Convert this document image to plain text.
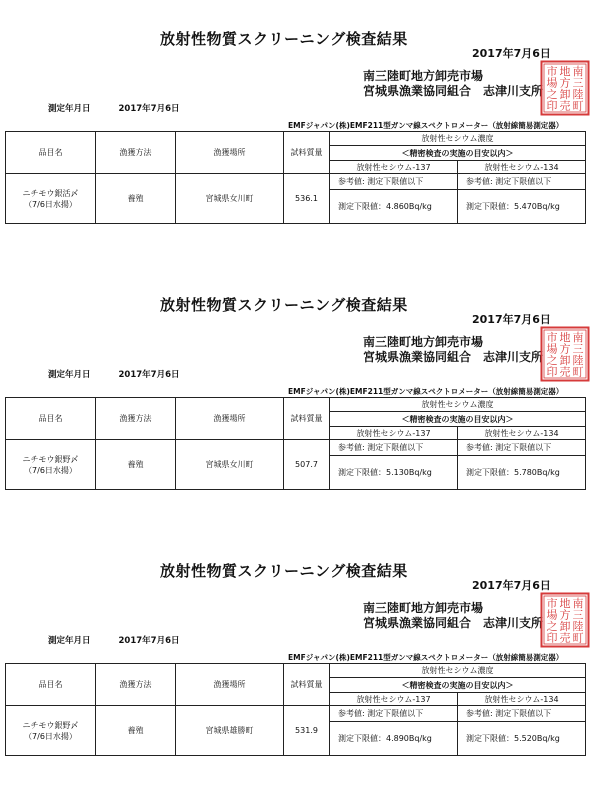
放射性物質スクリーニング検査結果
2017年7月6日
南三陸町地方卸売市場
宮城県漁業協同組合　志津川支所
南
三
陸
町
地
方
卸
売
市
場
之
印
測定年月日	2017年7月6日
EMFジャパン(株)EMF211型ガンマ線スペクトロメーター（放射線簡易測定器）
品目名	漁獲方法	漁獲場所	試料質量	放射性セシウム濃度	
				＜精密検査の実施の目安以内＞	
				放射性セシウム-137	放射性セシウム-134

ニチモウ銀活〆
（7/6日水揚）	養殖	宮城県女川町	536.1	参考値: 測定下限値以下	参考値: 測定下限値以下
				測定下限値：4.860Bq/kg	測定下限値：5.470Bq/kg
放射性物質スクリーニング検査結果
2017年7月6日
南三陸町地方卸売市場
宮城県漁業協同組合　志津川支所
南
三
陸
町
地
方
卸
売
市
場
之
印
測定年月日	2017年7月6日
EMFジャパン(株)EMF211型ガンマ線スペクトロメーター（放射線簡易測定器）
品目名	漁獲方法	漁獲場所	試料質量	放射性セシウム濃度	
				＜精密検査の実施の目安以内＞	
				放射性セシウム-137	放射性セシウム-134

ニチモウ銀野〆
（7/6日水揚）	養殖	宮城県女川町	507.7	参考値: 測定下限値以下	参考値: 測定下限値以下
				測定下限値：5.130Bq/kg	測定下限値：5.780Bq/kg
放射性物質スクリーニング検査結果
2017年7月6日
南三陸町地方卸売市場
宮城県漁業協同組合　志津川支所
南
三
陸
町
地
方
卸
売
市
場
之
印
測定年月日	2017年7月6日
EMFジャパン(株)EMF211型ガンマ線スペクトロメーター（放射線簡易測定器）
品目名	漁獲方法	漁獲場所	試料質量	放射性セシウム濃度	
				＜精密検査の実施の目安以内＞	
				放射性セシウム-137	放射性セシウム-134

ニチモウ銀野〆
（7/6日水揚）	養殖	宮城県雄勝町	531.9	参考値: 測定下限値以下	参考値: 測定下限値以下
				測定下限値：4.890Bq/kg	測定下限値：5.520Bq/kg
